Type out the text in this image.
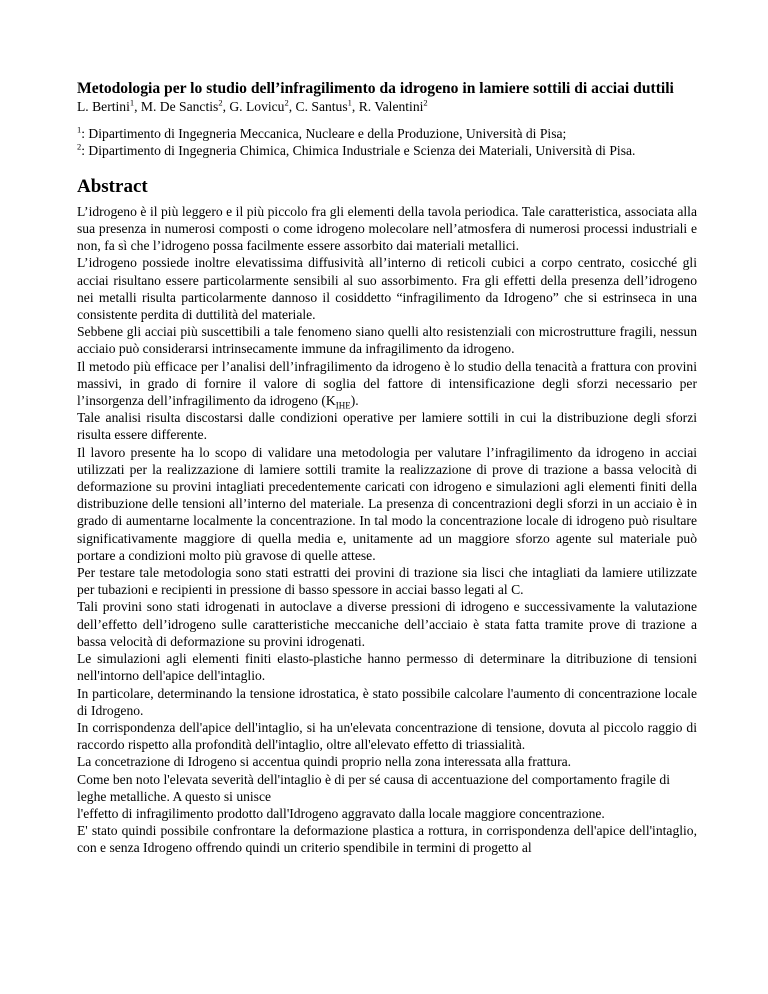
Metodologia per lo studio dell’infragilimento da idrogeno in lamiere sottili di acciai duttili

L. Bertini$^1$, M. De Sanctis$^2$, G. Lovicu$^2$, C. Santus$^1$, R. Valentini$^2$

$^1$: Dipartimento di Ingegneria Meccanica, Nucleare e della Produzione, Università di Pisa;
$^2$: Dipartimento di Ingegneria Chimica, Chimica Industriale e Scienza dei Materiali, Università di Pisa.
Abstract

L’idrogeno è il più leggero e il più piccolo fra gli elementi della tavola periodica. Tale caratteristica, associata alla sua presenza in numerosi composti o come idrogeno molecolare nell’atmosfera di numerosi processi industriali e non, fa sì che l’idrogeno possa facilmente essere assorbito dai materiali metallici.

L’idrogeno possiede inoltre elevatissima diffusività all’interno di reticoli cubici a corpo centrato, cosicché gli acciai risultano essere particolarmente sensibili al suo assorbimento. Fra gli effetti della presenza dell’idrogeno nei metalli risulta particolarmente dannoso il cosiddetto “infragilimento da Idrogeno” che si estrinseca in una consistente perdita di duttilità del materiale.

Sebbene gli acciai più suscettibili a tale fenomeno siano quelli alto resistenziali con microstrutture fragili, nessun acciaio può considerarsi intrinsecamente immune da infragilimento da idrogeno.

Il metodo più efficace per l’analisi dell’infragilimento da idrogeno è lo studio della tenacità a frattura con provini massivi, in grado di fornire il valore di soglia del fattore di intensificazione degli sforzi necessario per l’insorgenza dell’infragilimento da idrogeno $(K_{IHE})$.

Tale analisi risulta discostarsi dalle condizioni operative per lamiere sottili in cui la distribuzione degli sforzi risulta essere differente.

Il lavoro presente ha lo scopo di validare una metodologia per valutare l’infragilimento da idrogeno in acciai utilizzati per la realizzazione di lamiere sottili tramite la realizzazione di prove di trazione a bassa velocità di deformazione su provini intagliati precedentemente caricati con idrogeno e simulazioni agli elementi finiti della distribuzione delle tensioni all’interno del materiale. La presenza di concentrazioni degli sforzi in un acciaio è in grado di aumentarne localmente la concentrazione. In tal modo la concentrazione locale di idrogeno può risultare significativamente maggiore di quella media e, unitamente ad un maggiore sforzo agente sul materiale può portare a condizioni molto più gravose di quelle attese.

Per testare tale metodologia sono stati estratti dei provini di trazione sia lisci che intagliati da lamiere utilizzate per tubazioni e recipienti in pressione di basso spessore in acciai basso legati al C.

Tali provini sono stati idrogenati in autoclave a diverse pressioni di idrogeno e successivamente la valutazione dell’effetto dell’idrogeno sulle caratteristiche meccaniche dell’acciaio è stata fatta tramite prove di trazione a bassa velocità di deformazione su provini idrogenati.

Le simulazioni agli elementi finiti elasto-plastiche hanno permesso di determinare la ditribuzione di tensioni nell'intorno dell'apice dell'intaglio.

In particolare, determinando la tensione idrostatica, è stato possibile calcolare l'aumento di concentrazione locale di Idrogeno.

In corrispondenza dell'apice dell'intaglio, si ha un'elevata concentrazione di tensione, dovuta al piccolo raggio di raccordo rispetto alla profondità dell'intaglio, oltre all'elevato effetto di triassialità.

La concetrazione di Idrogeno si accentua quindi proprio nella zona interessata alla frattura.

Come ben noto l'elevata severità dell'intaglio è di per sé causa di accentuazione del comportamento fragile di leghe metalliche. A questo si unisce

l'effetto di infragilimento prodotto dall'Idrogeno aggravato dalla locale maggiore concentrazione.

E' stato quindi possibile confrontare la deformazione plastica a rottura, in corrispondenza dell'apice dell'intaglio, con e senza Idrogeno offrendo quindi un criterio spendibile in termini di progetto al
